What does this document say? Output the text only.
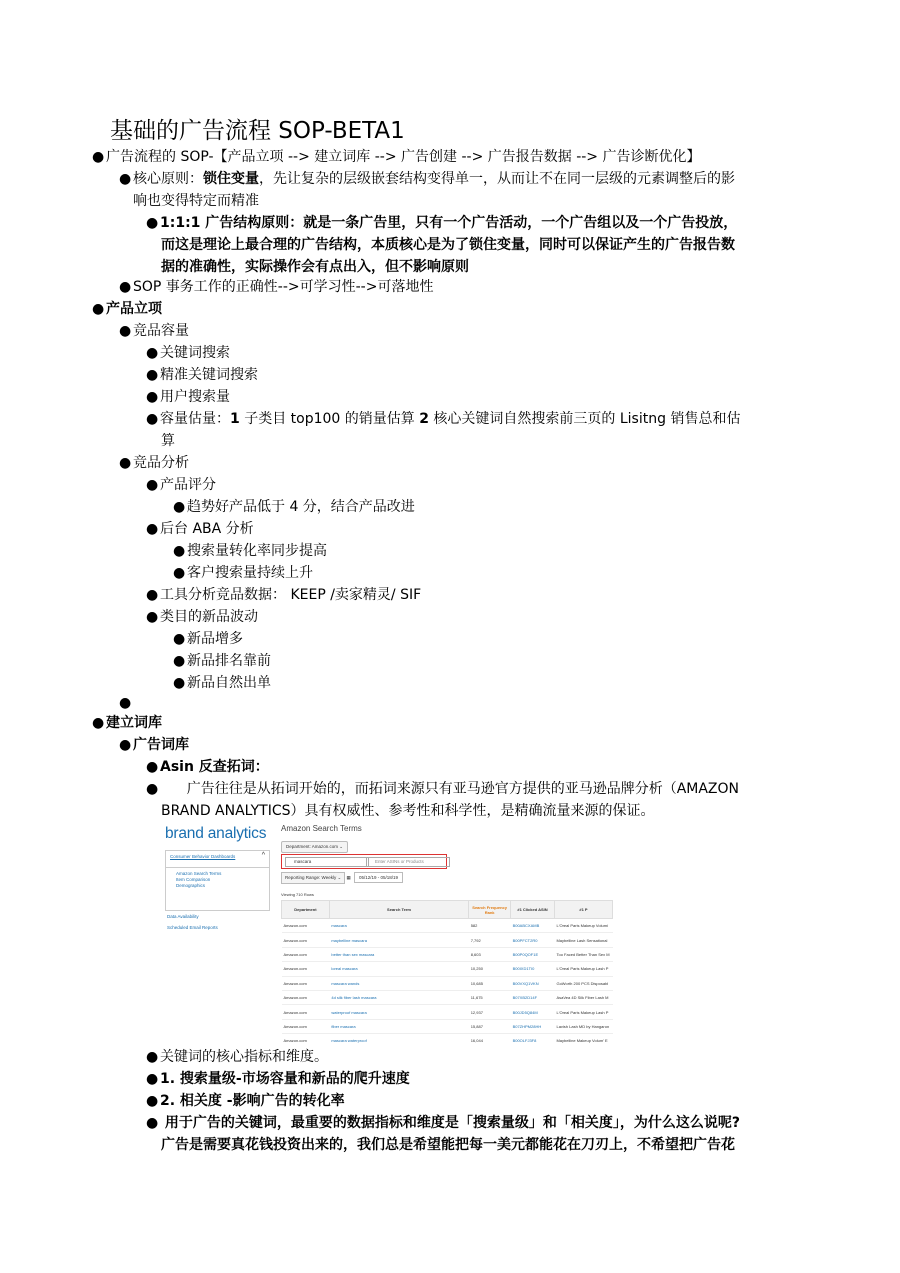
基础的广告流程 SOP-BETA1
● 广告流程的 SOP-【产品立项 --> 建立词库 --> 广告创建 --> 广告报告数据 --> 广告诊断优化】
● 核心原则：锁住变量，先让复杂的层级嵌套结构变得单一，从而让不在同一层级的元素调整后的影
响也变得特定而精准
● 1:1:1 广告结构原则：就是一条广告里，只有一个广告活动，一个广告组以及一个广告投放，
而这是理论上最合理的广告结构，本质核心是为了锁住变量，同时可以保证产生的广告报告数
据的准确性，实际操作会有点出入，但不影响原则
● SOP 事务工作的正确性-->可学习性-->可落地性
● 产品立项
● 竞品容量
● 关键词搜索
● 精准关键词搜索
● 用户搜索量
● 容量估量：1 子类目 top100 的销量估算 2 核心关键词自然搜索前三页的 Lisitng 销售总和估
算
● 竞品分析
● 产品评分
● 趋势好产品低于 4 分，结合产品改进
● 后台 ABA 分析
● 搜索量转化率同步提高
● 客户搜索量持续上升
● 工具分析竞品数据： KEEP /卖家精灵/ SIF
● 类目的新品波动
● 新品增多
● 新品排名靠前
● 新品自然出单
●
● 建立词库
● 广告词库
● Asin 反查拓词：
●      广告往往是从拓词开始的，而拓词来源只有亚马逊官方提供的亚马逊品牌分析（AMAZON
BRAND ANALYTICS）具有权威性、参考性和科学性，是精确流量来源的保证。
brand analytics Amazon Search Terms
Consumer Behavior Dashboards	^
Amazon Search Terms
Item Comparison
Demographics
Data Availability
Scheduled Email Reports
Department: Amazon.com ⌄
mascara	Enter ASINs or Products
Reporting Range: Weekly ⌄ ▦ 05/12/19 - 05/18/19
Viewing 710 Rows
Department	Search Term	Search Frequency Rank	#1 Clicked ASIN	#1 P
Amazon.com	mascara	582	B00ABCXAMB	L'Oreal Paris Makeup Volumi
Amazon.com	maybelline mascara	7,792	B00PFCT2R0	Maybelline Lash Sensational
Amazon.com	better than sex mascara	8,603	B00P0QOF1E	Too Faced Better Than Sex M
Amazon.com	loreal mascara	10,250	B00IXD1TI0	L'Oreal Paris Makeup Lash P
Amazon.com	mascara wands	10,685	B00VXQ1VKN	GoWorth 200 PCS Disposabl
Amazon.com	4d silk fiber lash mascara	11,675	B07XB2D14F	AsaVea 4D Silk Fiber Lash M
Amazon.com	waterproof mascara	12,937	B00JD5Q84M	L'Oreal Paris Makeup Lash P
Amazon.com	fiber mascara	15,887	B07ZHPM28HH	Lavish Lash MD by Hangaron
Amazon.com	mascara waterproof	16,044	B00OLFJ3F8	Maybelline Makeup Volum' E
● 关键词的核心指标和维度。
● 1. 搜索量级-市场容量和新品的爬升速度
● 2. 相关度 -影响广告的转化率
● 用于广告的关键词，最重要的数据指标和维度是「搜索量级」和「相关度」，为什么这么说呢?
广告是需要真花钱投资出来的，我们总是希望能把每一美元都能花在刀刃上，不希望把广告花
